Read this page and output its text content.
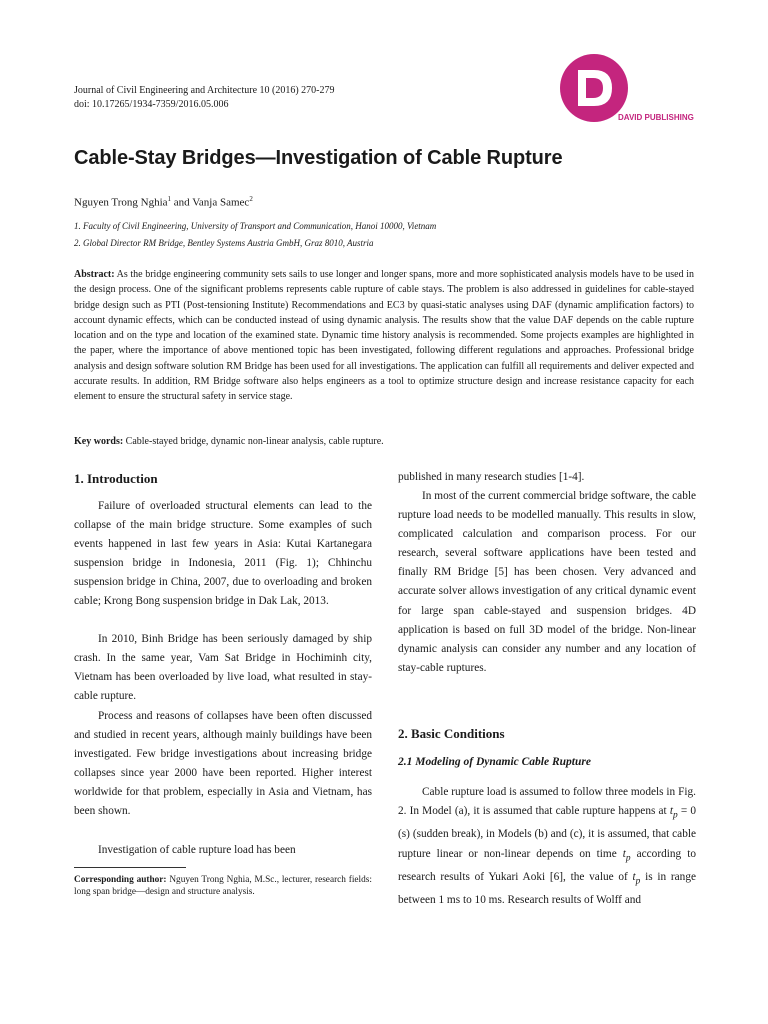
Journal of Civil Engineering and Architecture 10 (2016) 270-279
doi: 10.17265/1934-7359/2016.05.006
DAVID PUBLISHING
Cable-Stay Bridges—Investigation of Cable Rupture
Nguyen Trong Nghia$^1$ and Vanja Samec$^2$
1. Faculty of Civil Engineering, University of Transport and Communication, Hanoi 10000, Vietnam
2. Global Director RM Bridge, Bentley Systems Austria GmbH, Graz 8010, Austria

Abstract: As the bridge engineering community sets sails to use longer and longer spans, more and more sophisticated analysis models have to be used in the design process. One of the significant problems represents cable rupture of cable stays. The problem is also addressed in guidelines for cable-stayed bridge design such as PTI (Post-tensioning Institute) Recommendations and EC3 by quasi-static analyses using DAF (dynamic amplification factors) to account dynamic effects, which can be conducted instead of using dynamic analysis. The results show that the value DAF depends on the cable rupture location and on the type and location of the examined state. Dynamic time history analysis is recommended. Some projects examples are highlighted in the paper, where the importance of above mentioned topic has been investigated, following different regulations and approaches. Professional bridge analysis and design software solution RM Bridge has been used for all investigations. The application can fulfill all requirements and deliver expected and accurate results. In addition, RM Bridge software also helps engineers as a tool to optimize structure design and increase resistance capacity for each element to ensure the structural safety in service stage.

Key words: Cable-stayed bridge, dynamic non-linear analysis, cable rupture.
1. Introduction

Failure of overloaded structural elements can lead to the collapse of the main bridge structure. Some examples of such events happened in last few years in Asia: Kutai Kartanegara suspension bridge in Indonesia, 2011 (Fig. 1); Chhinchu suspension bridge in China, 2007, due to overloading and broken cable; Krong Bong suspension bridge in Dak Lak, 2013.

In 2010, Binh Bridge has been seriously damaged by ship crash. In the same year, Vam Sat Bridge in Hochiminh city, Vietnam has been overloaded by live load, what resulted in stay-cable rupture.

Process and reasons of collapses have been often discussed and studied in recent years, although mainly buildings have been investigated. Few bridge investigations about increasing bridge collapses since year 2000 have been reported. Higher interest worldwide for that problem, especially in Asia and Vietnam, has been shown.

Investigation of cable rupture load has been

Corresponding author: Nguyen Trong Nghia, M.Sc., lecturer, research fields: long span bridge—design and structure analysis.

published in many research studies [1-4].

In most of the current commercial bridge software, the cable rupture load needs to be modelled manually. This results in slow, complicated calculation and comparison process. For our research, several software applications have been tested and finally RM Bridge [5] has been chosen. Very advanced and accurate solver allows investigation of any critical dynamic event for large span cable-stayed and suspension bridges. 4D application is based on full 3D model of the bridge. Non-linear dynamic analysis can consider any number and any location of stay-cable ruptures.

2. Basic Conditions
2.1 Modeling of Dynamic Cable Rupture

Cable rupture load is assumed to follow three models in Fig. 2. In Model (a), it is assumed that cable rupture happens at $t_p = 0$ (s) (sudden break), in Models (b) and (c), it is assumed, that cable rupture linear or non-linear depends on time $t_p$ according to research results of Yukari Aoki [6], the value of $t_p$ is in range between 1 ms to 10 ms. Research results of Wolff and
